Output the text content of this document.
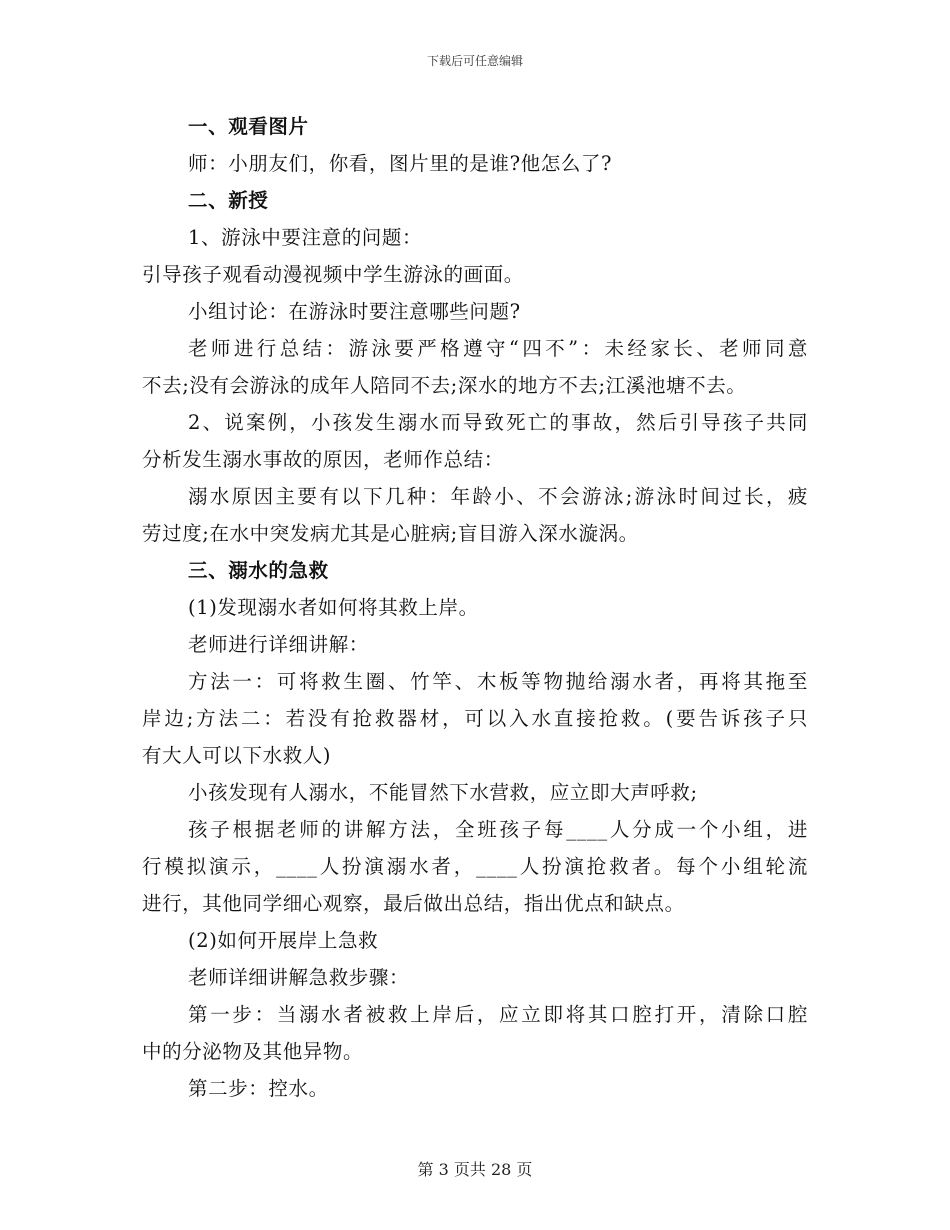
下载后可任意编辑
一、观看图片
师：小朋友们，你看，图片里的是谁?他怎么了?
二、新授
1、游泳中要注意的问题：
引导孩子观看动漫视频中学生游泳的画面。
小组讨论：在游泳时要注意哪些问题?
老师进行总结：游泳要严格遵守“四不”：未经家长、老师同意
不去;没有会游泳的成年人陪同不去;深水的地方不去;江溪池塘不去。
2、说案例，小孩发生溺水而导致死亡的事故，然后引导孩子共同
分析发生溺水事故的原因，老师作总结：
溺水原因主要有以下几种：年龄小、不会游泳;游泳时间过长，疲
劳过度;在水中突发病尤其是心脏病;盲目游入深水漩涡。
三、溺水的急救
(1)发现溺水者如何将其救上岸。
老师进行详细讲解：
方法一：可将救生圈、竹竿、木板等物抛给溺水者，再将其拖至
岸边;方法二：若没有抢救器材，可以入水直接抢救。(要告诉孩子只
有大人可以下水救人)
小孩发现有人溺水，不能冒然下水营救，应立即大声呼救;
孩子根据老师的讲解方法，全班孩子每____人分成一个小组，进
行模拟演示，____人扮演溺水者，____人扮演抢救者。每个小组轮流
进行，其他同学细心观察，最后做出总结，指出优点和缺点。
(2)如何开展岸上急救
老师详细讲解急救步骤：
第一步：当溺水者被救上岸后，应立即将其口腔打开，清除口腔
中的分泌物及其他异物。
第二步：控水。
第 3 页共 28 页
